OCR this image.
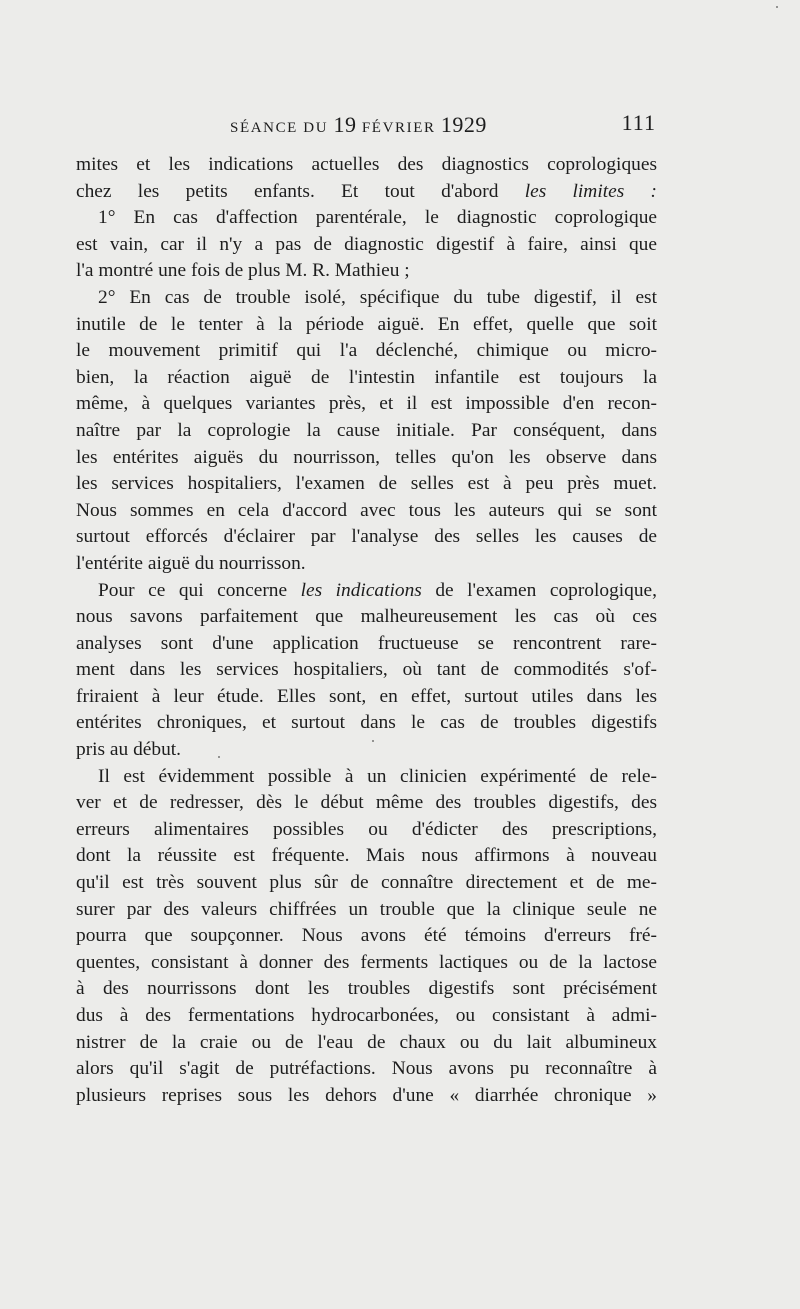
SÉANCE DU 19 FÉVRIER 1929	111
mites et les indications actuelles des diagnostics coprologiques
chez les petits enfants. Et tout d'abord les limites :
1° En cas d'affection parentérale, le diagnostic coprologique
est vain, car il n'y a pas de diagnostic digestif à faire, ainsi que
l'a montré une fois de plus M. R. Mathieu ;
2° En cas de trouble isolé, spécifique du tube digestif, il est
inutile de le tenter à la période aiguë. En effet, quelle que soit
le mouvement primitif qui l'a déclenché, chimique ou micro-
bien, la réaction aiguë de l'intestin infantile est toujours la
même, à quelques variantes près, et il est impossible d'en recon-
naître par la coprologie la cause initiale. Par conséquent, dans
les entérites aiguës du nourrisson, telles qu'on les observe dans
les services hospitaliers, l'examen de selles est à peu près muet.
Nous sommes en cela d'accord avec tous les auteurs qui se sont
surtout efforcés d'éclairer par l'analyse des selles les causes de
l'entérite aiguë du nourrisson.
Pour ce qui concerne les indications de l'examen coprologique,
nous savons parfaitement que malheureusement les cas où ces
analyses sont d'une application fructueuse se rencontrent rare-
ment dans les services hospitaliers, où tant de commodités s'of-
friraient à leur étude. Elles sont, en effet, surtout utiles dans les
entérites chroniques, et surtout dans le cas de troubles digestifs
pris au début.
Il est évidemment possible à un clinicien expérimenté de rele-
ver et de redresser, dès le début même des troubles digestifs, des
erreurs alimentaires possibles ou d'édicter des prescriptions,
dont la réussite est fréquente. Mais nous affirmons à nouveau
qu'il est très souvent plus sûr de connaître directement et de me-
surer par des valeurs chiffrées un trouble que la clinique seule ne
pourra que soupçonner. Nous avons été témoins d'erreurs fré-
quentes, consistant à donner des ferments lactiques ou de la lactose
à des nourrissons dont les troubles digestifs sont précisément
dus à des fermentations hydrocarbonées, ou consistant à admi-
nistrer de la craie ou de l'eau de chaux ou du lait albumineux
alors qu'il s'agit de putréfactions. Nous avons pu reconnaître à
plusieurs reprises sous les dehors d'une « diarrhée chronique »
